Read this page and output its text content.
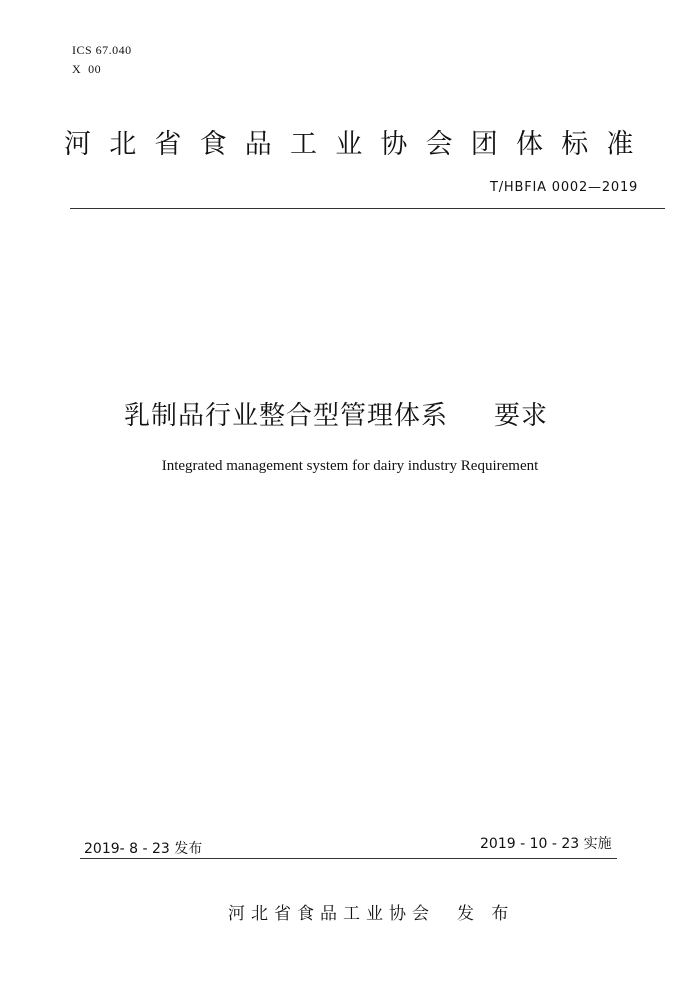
ICS 67.040
X  00
河北省食品工业协会团体标准
T/HBFIA 0002—2019
乳制品行业整合型管理体系 要求
Integrated management system for dairy industry Requirement
2019- 8 - 23 发布	2019 - 10 - 23 实施
河北省食品工业协会 发 布
